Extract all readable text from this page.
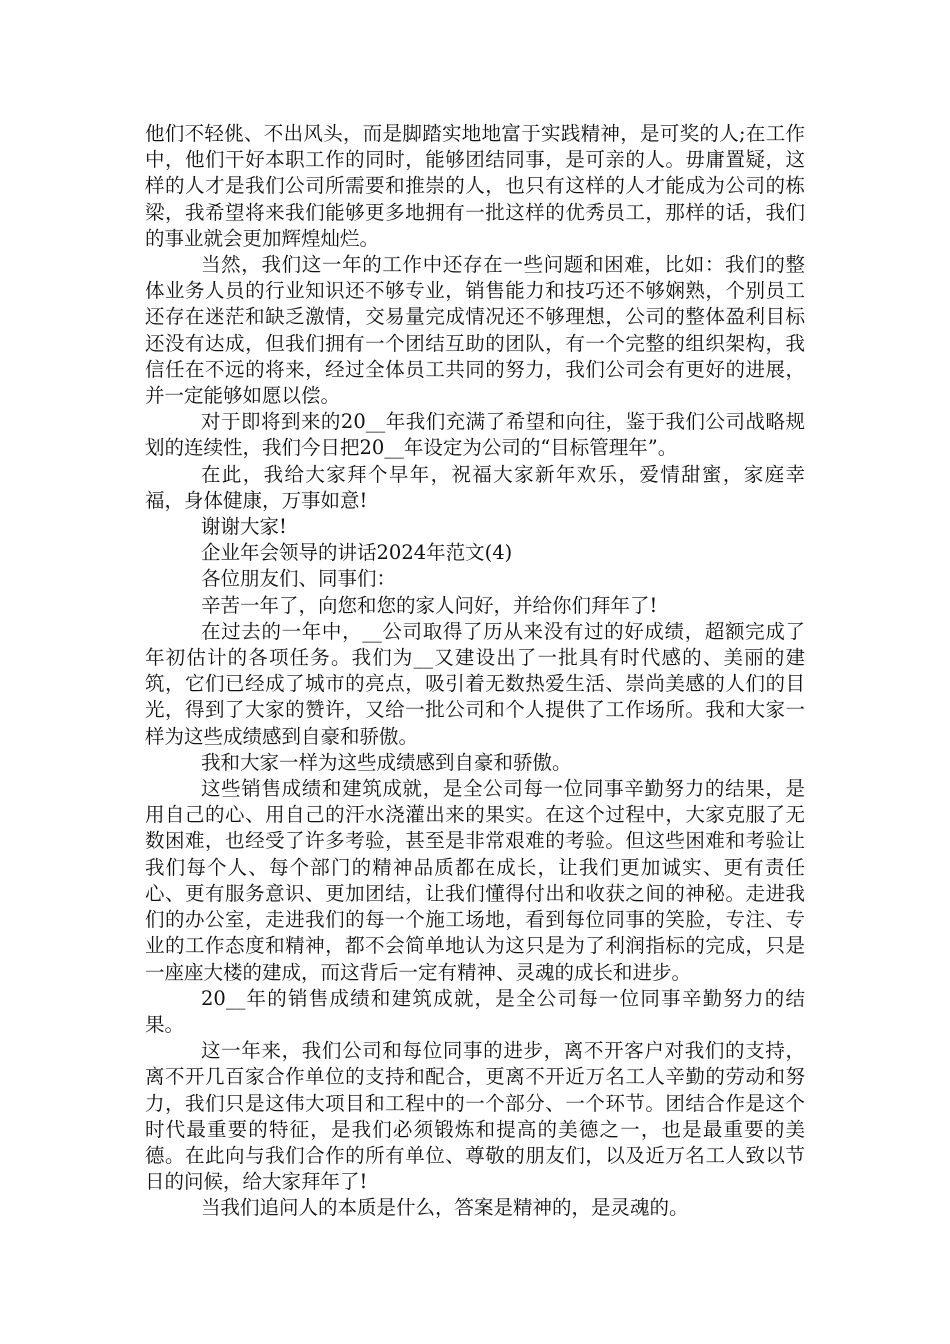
他们不轻佻、不出风头，而是脚踏实地地富于实践精神，是可奖的人;在工作中，他们干好本职工作的同时，能够团结同事，是可亲的人。毋庸置疑，这样的人才是我们公司所需要和推崇的人，也只有这样的人才能成为公司的栋梁，我希望将来我们能够更多地拥有一批这样的优秀员工，那样的话，我们的事业就会更加辉煌灿烂。

当然，我们这一年的工作中还存在一些问题和困难，比如：我们的整体业务人员的行业知识还不够专业，销售能力和技巧还不够娴熟，个别员工还存在迷茫和缺乏激情，交易量完成情况还不够理想，公司的整体盈利目标还没有达成，但我们拥有一个团结互助的团队，有一个完整的组织架构，我信任在不远的将来，经过全体员工共同的努力，我们公司会有更好的进展，并一定能够如愿以偿。

对于即将到来的20__年我们充满了希望和向往，鉴于我们公司战略规划的连续性，我们今日把20__年设定为公司的“目标管理年”。

在此，我给大家拜个早年，祝福大家新年欢乐，爱情甜蜜，家庭幸福，身体健康，万事如意!

谢谢大家!

企业年会领导的讲话2024年范文(4)

各位朋友们、同事们：

辛苦一年了，向您和您的家人问好，并给你们拜年了!

在过去的一年中，__公司取得了历从来没有过的好成绩，超额完成了年初估计的各项任务。我们为__又建设出了一批具有时代感的、美丽的建筑，它们已经成了城市的亮点，吸引着无数热爱生活、崇尚美感的人们的目光，得到了大家的赞许，又给一批公司和个人提供了工作场所。我和大家一样为这些成绩感到自豪和骄傲。

我和大家一样为这些成绩感到自豪和骄傲。

这些销售成绩和建筑成就，是全公司每一位同事辛勤努力的结果，是用自己的心、用自己的汗水浇灌出来的果实。在这个过程中，大家克服了无数困难，也经受了许多考验，甚至是非常艰难的考验。但这些困难和考验让我们每个人、每个部门的精神品质都在成长，让我们更加诚实、更有责任心、更有服务意识、更加团结，让我们懂得付出和收获之间的神秘。走进我们的办公室，走进我们的每一个施工场地，看到每位同事的笑脸，专注、专业的工作态度和精神，都不会简单地认为这只是为了利润指标的完成，只是一座座大楼的建成，而这背后一定有精神、灵魂的成长和进步。

20__年的销售成绩和建筑成就，是全公司每一位同事辛勤努力的结果。

这一年来，我们公司和每位同事的进步，离不开客户对我们的支持，离不开几百家合作单位的支持和配合，更离不开近万名工人辛勤的劳动和努力，我们只是这伟大项目和工程中的一个部分、一个环节。团结合作是这个时代最重要的特征，是我们必须锻炼和提高的美德之一，也是最重要的美德。在此向与我们合作的所有单位、尊敬的朋友们，以及近万名工人致以节日的问候，给大家拜年了!

当我们追问人的本质是什么，答案是精神的，是灵魂的。
